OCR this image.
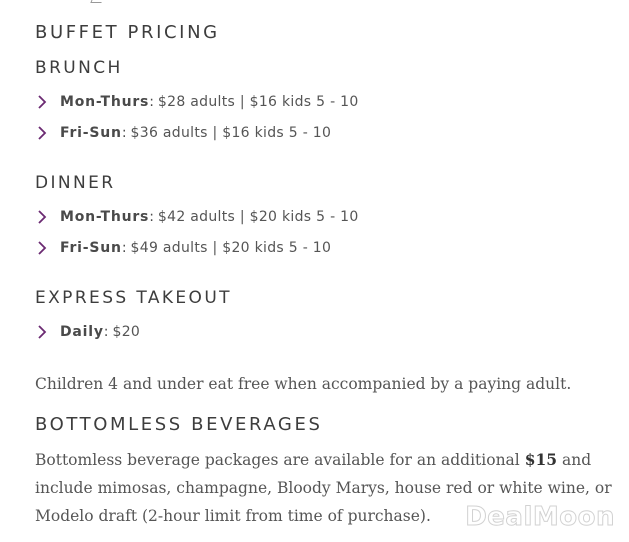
BUFFET PRICING
BRUNCH
Mon-Thurs : $28 adults | $16 kids 5 - 10
Fri-Sun : $36 adults | $16 kids 5 - 10
DINNER
Mon-Thurs : $42 adults | $20 kids 5 - 10
Fri-Sun : $49 adults | $20 kids 5 - 10
EXPRESS TAKEOUT
Daily : $20

Children 4 and under eat free when accompanied by a paying adult.

BOTTOMLESS BEVERAGES

Bottomless beverage packages are available for an additional $15 and include mimosas, champagne, Bloody Marys, house red or white wine, or Modelo draft (2-hour limit from time of purchase).	DealMoon
